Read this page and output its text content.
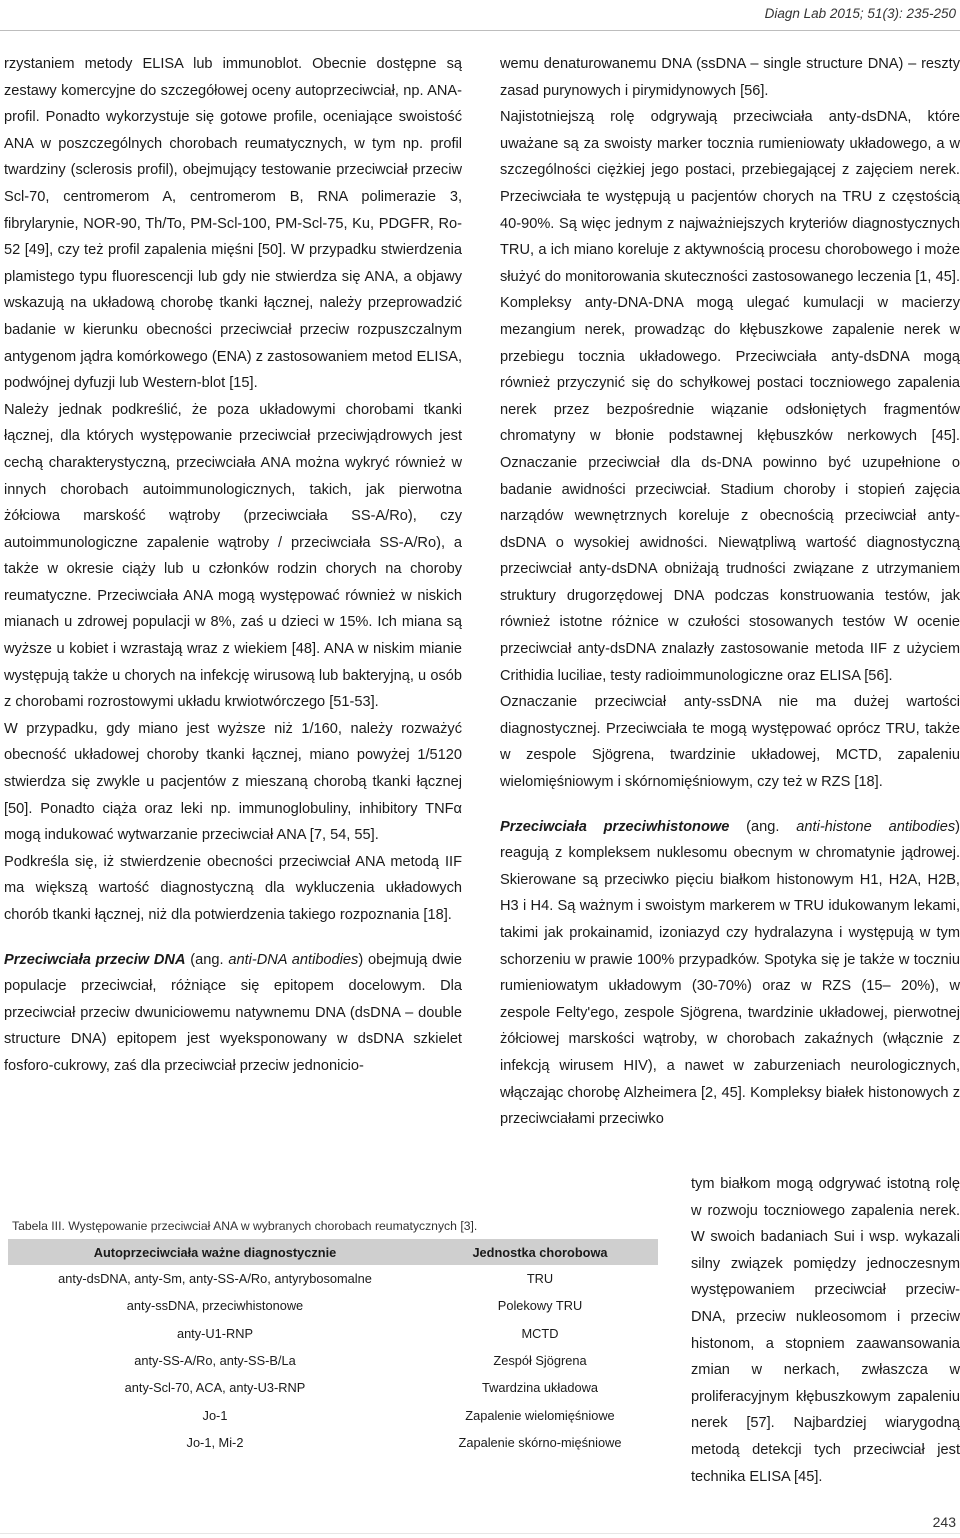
Diagn Lab 2015; 51(3): 235-250

rzystaniem metody ELISA lub immunoblot. Obecnie dostępne są zestawy komercyjne do szczegółowej oceny autoprzeciwciał, np. ANA-profil. Ponadto wykorzystuje się gotowe profile, oceniające swoistość ANA w poszczególnych chorobach reumatycznych, w tym np. profil twardziny (sclerosis profil), obejmujący testowanie przeciwciał przeciw Scl-70, centromerom A, centromerom B, RNA polimerazie 3, fibrylarynie, NOR-90, Th/To, PM-Scl-100, PM-Scl-75, Ku, PDGFR, Ro-52 [49], czy też profil zapalenia mięśni [50]. W przypadku stwierdzenia plamistego typu fluorescencji lub gdy nie stwierdza się ANA, a objawy wskazują na układową chorobę tkanki łącznej, należy przeprowadzić badanie w kierunku obecności przeciwciał przeciw rozpuszczalnym antygenom jądra komórkowego (ENA) z zastosowaniem metod ELISA, podwójnej dyfuzji lub Western-blot [15].

Należy jednak podkreślić, że poza układowymi chorobami tkanki łącznej, dla których występowanie przeciwciał przeciwjądrowych jest cechą charakterystyczną, przeciwciała ANA można wykryć również w innych chorobach autoimmunologicznych, takich, jak pierwotna żółciowa marskość wątroby (przeciwciała SS-A/Ro), czy autoimmunologiczne zapalenie wątroby / przeciwciała SS-A/Ro), a także w okresie ciąży lub u członków rodzin chorych na choroby reumatyczne. Przeciwciała ANA mogą występować również w niskich mianach u zdrowej populacji w 8%, zaś u dzieci w 15%. Ich miana są wyższe u kobiet i wzrastają wraz z wiekiem [48]. ANA w niskim mianie występują także u chorych na infekcję wirusową lub bakteryjną, u osób z chorobami rozrostowymi układu krwiotwórczego [51-53].

W przypadku, gdy miano jest wyższe niż 1/160, należy rozważyć obecność układowej choroby tkanki łącznej, miano powyżej 1/5120 stwierdza się zwykle u pacjentów z mieszaną chorobą tkanki łącznej [50]. Ponadto ciąża oraz leki np. immunoglobuliny, inhibitory TNFα mogą indukować wytwarzanie przeciwciał ANA [7, 54, 55].

Podkreśla się, iż stwierdzenie obecności przeciwciał ANA metodą IIF ma większą wartość diagnostyczną dla wykluczenia układowych chorób tkanki łącznej, niż dla potwierdzenia takiego rozpoznania [18].

Przeciwciała przeciw DNA (ang. anti-DNA antibodies) obejmują dwie populacje przeciwciał, różniące się epitopem docelowym. Dla przeciwciał przeciw dwuniciowemu natywnemu DNA (dsDNA – double structure DNA) epitopem jest wyeksponowany w dsDNA szkielet fosforo-cukrowy, zaś dla przeciwciał przeciw jednonicio-

wemu denaturowanemu DNA (ssDNA – single structure DNA) – reszty zasad purynowych i pirymidynowych [56].

Najistotniejszą rolę odgrywają przeciwciała anty-dsDNA, które uważane są za swoisty marker tocznia rumieniowaty układowego, a w szczególności ciężkiej jego postaci, przebiegającej z zajęciem nerek. Przeciwciała te występują u pacjentów chorych na TRU z częstością 40-90%. Są więc jednym z najważniejszych kryteriów diagnostycznych TRU, a ich miano koreluje z aktywnością procesu chorobowego i może służyć do monitorowania skuteczności zastosowanego leczenia [1, 45]. Kompleksy anty-DNA-DNA mogą ulegać kumulacji w macierzy mezangium nerek, prowadząc do kłębuszkowe zapalenie nerek w przebiegu tocznia układowego. Przeciwciała anty-dsDNA mogą również przyczynić się do schyłkowej postaci toczniowego zapalenia nerek przez bezpośrednie wiązanie odsłoniętych fragmentów chromatyny w błonie podstawnej kłębuszków nerkowych [45]. Oznaczanie przeciwciał dla ds-DNA powinno być uzupełnione o badanie awidności przeciwciał. Stadium choroby i stopień zajęcia narządów wewnętrznych koreluje z obecnością przeciwciał anty-dsDNA o wysokiej awidności. Niewątpliwą wartość diagnostyczną przeciwciał anty-dsDNA obniżają trudności związane z utrzymaniem struktury drugorzędowej DNA podczas konstruowania testów, jak również istotne różnice w czułości stosowanych testów W ocenie przeciwciał anty-dsDNA znalazły zastosowanie metoda IIF z użyciem Crithidia luciliae, testy radioimmunologiczne oraz ELISA [56].

Oznaczanie przeciwciał anty-ssDNA nie ma dużej wartości diagnostycznej. Przeciwciała te mogą występować oprócz TRU, także w zespole Sjögrena, twardzinie układowej, MCTD, zapaleniu wielomięśniowym i skórnomięśniowym, czy też w RZS [18].

Przeciwciała przeciwhistonowe (ang. anti-histone antibodies) reagują z kompleksem nuklesomu obecnym w chromatynie jądrowej. Skierowane są przeciwko pięciu białkom histonowym H1, H2A, H2B, H3 i H4. Są ważnym i swoistym markerem w TRU idukowanym lekami, takimi jak prokainamid, izoniazyd czy hydralazyna i występują w tym schorzeniu w prawie 100% przypadków. Spotyka się je także w toczniu rumieniowatym układowym (30-70%) oraz w RZS (15– 20%), w zespole Felty'ego, zespole Sjögrena, twardzinie układowej, pierwotnej żółciowej marskości wątroby, w chorobach zakaźnych (włącznie z infekcją wirusem HIV), a nawet w zaburzeniach neurologicznych, włączając chorobę Alzheimera [2, 45]. Kompleksy białek histonowych z przeciwciałami przeciwko

tym białkom mogą odgrywać istotną rolę w rozwoju toczniowego zapalenia nerek. W swoich badaniach Sui i wsp. wykazali silny związek pomiędzy jednoczesnym występowaniem przeciwciał przeciw-DNA, przeciw nukleosomom i przeciw histonom, a stopniem zaawansowania zmian w nerkach, zwłaszcza w proliferacyjnym kłębuszkowym zapaleniu nerek [57]. Najbardziej wiarygodną metodą detekcji tych przeciwciał jest technika ELISA [45].

Tabela III. Występowanie przeciwciał ANA w wybranych chorobach reumatycznych [3].
Autoprzeciwciała ważne diagnostycznie	Jednostka chorobowa
anty-dsDNA, anty-Sm, anty-SS-A/Ro, antyrybosomalne	TRU
anty-ssDNA, przeciwhistonowe	Polekowy TRU
anty-U1-RNP	MCTD
anty-SS-A/Ro, anty-SS-B/La	Zespół Sjögrena
anty-Scl-70, ACA, anty-U3-RNP	Twardzina układowa
Jo-1	Zapalenie wielomięśniowe
Jo-1, Mi-2	Zapalenie skórno-mięśniowe
243
